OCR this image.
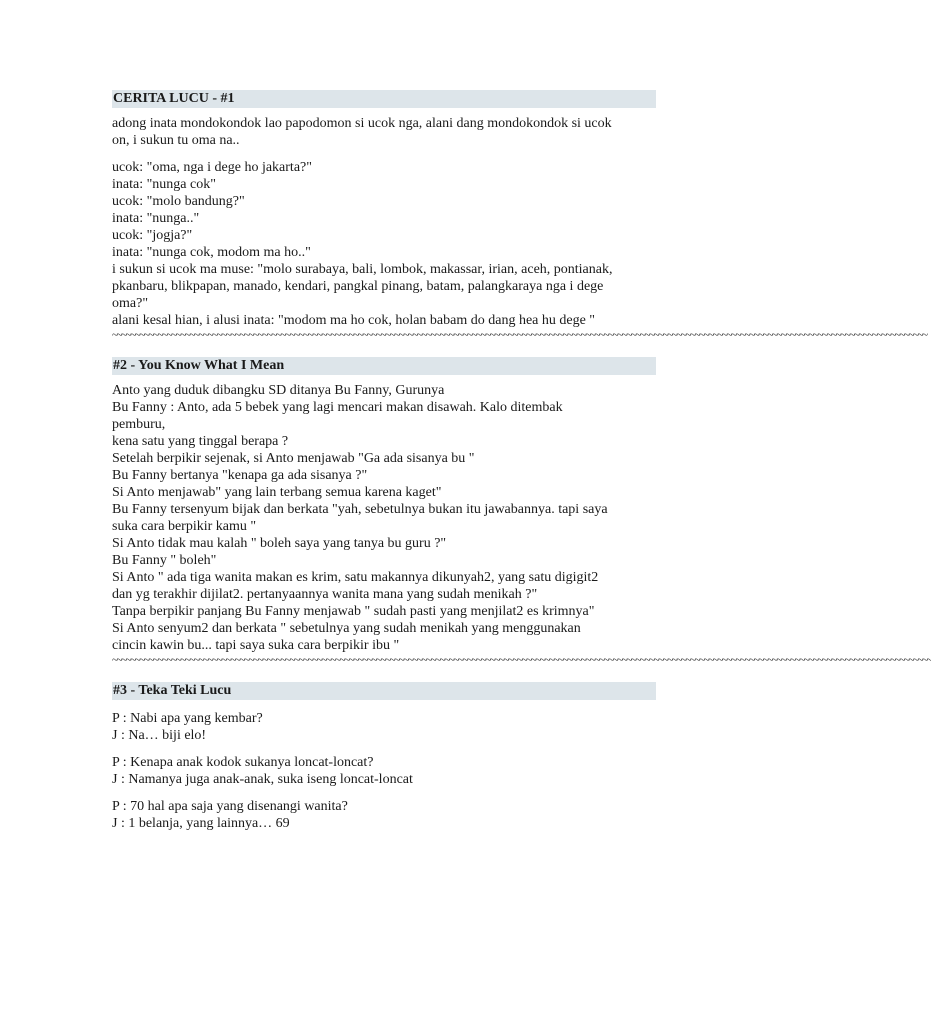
CERITA LUCU - #1
adong inata mondokondok lao papodomon si ucok nga, alani dang mondokondok si ucok
on, i sukun tu oma na..
ucok: "oma, nga i dege ho jakarta?"
inata: "nunga cok"
ucok: "molo bandung?"
inata: "nunga.."
ucok: "jogja?"
inata: "nunga cok, modom ma ho.."
i sukun si ucok ma muse: "molo surabaya, bali, lombok, makassar, irian, aceh, pontianak,
pkanbaru, blikpapan, manado, kendari, pangkal pinang, batam, palangkaraya nga i dege
oma?"
alani kesal hian, i alusi inata: "modom ma ho cok, holan babam do dang hea hu dege "
~~~~~~~~~~~~~~~~~~~~~~~~~~~~~~~~~~~~~~~~~~~~~~~~~~~~~~~~~~~~~~~~~~~~~~~~~~~~~~~~~~~~~~~~~~~~~~~~~~~~~~~~~~~~~~~~~~~~~~~~~~~~~~~~~~~~~~~~~~~~~~~~~~~~~~~~~~~~~~~~~~~~~~~~~~~~~~~~~~~
#2 - You Know What I Mean
Anto yang duduk dibangku SD ditanya Bu Fanny, Gurunya
Bu Fanny : Anto, ada 5 bebek yang lagi mencari makan disawah. Kalo ditembak
pemburu,
kena satu yang tinggal berapa ?
Setelah berpikir sejenak, si Anto menjawab "Ga ada sisanya bu "
Bu Fanny bertanya "kenapa ga ada sisanya ?"
Si Anto menjawab" yang lain terbang semua karena kaget"
Bu Fanny tersenyum bijak dan berkata "yah, sebetulnya bukan itu jawabannya. tapi saya
suka cara berpikir kamu "
Si Anto tidak mau kalah " boleh saya yang tanya bu guru ?"
Bu Fanny " boleh"
Si Anto " ada tiga wanita makan es krim, satu makannya dikunyah2, yang satu digigit2
dan yg terakhir dijilat2. pertanyaannya wanita mana yang sudah menikah ?"
Tanpa berpikir panjang Bu Fanny menjawab " sudah pasti yang menjilat2 es krimnya"
Si Anto senyum2 dan berkata " sebetulnya yang sudah menikah yang menggunakan
cincin kawin bu... tapi saya suka cara berpikir ibu "
~~~~~~~~~~~~~~~~~~~~~~~~~~~~~~~~~~~~~~~~~~~~~~~~~~~~~~~~~~~~~~~~~~~~~~~~~~~~~~~~~~~~~~~~~~~~~~~~~~~~~~~~~~~~~~~~~~~~~~~~~~~~~~~~~~~~~~~~~~~~~~~~~~~~~~~~~~~~~~~~~~~~~~~~~~~~~~~~~~~~
#3 - Teka Teki Lucu
P : Nabi apa yang kembar?
J : Na… biji elo!
P : Kenapa anak kodok sukanya loncat-loncat?
J : Namanya juga anak-anak, suka iseng loncat-loncat
P : 70 hal apa saja yang disenangi wanita?
J : 1 belanja, yang lainnya… 69
